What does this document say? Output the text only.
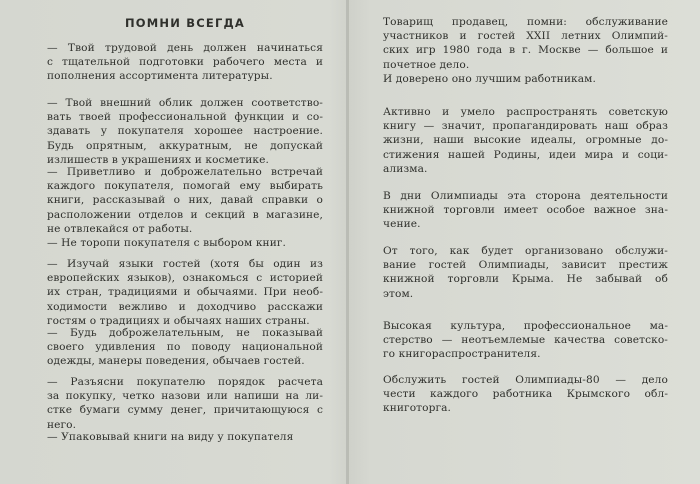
ПОМНИ ВСЕГДА
— Твой трудовой день должен начинаться
с тщательной подготовки рабочего места и
пополнения ассортимента литературы.
— Твой внешний облик должен соответство-
вать твоей профессиональной функции и со-
здавать у покупателя хорошее настроение.
Будь опрятным, аккуратным, не допускай
излишеств в украшениях и косметике.
— Приветливо и доброжелательно встречай
каждого покупателя, помогай ему выбирать
книги, рассказывай о них, давай справки о
расположении отделов и секций в магазине,
не отвлекайся от работы.
— Не торопи покупателя с выбором книг.
— Изучай языки гостей (хотя бы один из
европейских языков), ознакомься с историей
их стран, традициями и обычаями. При необ-
ходимости вежливо и доходчиво расскажи
гостям о традициях и обычаях наших страны.
— Будь доброжелательным, не показывай
своего удивления по поводу национальной
одежды, манеры поведения, обычаев гостей.
— Разъясни покупателю порядок расчета
за покупку, четко назови или напиши на ли-
стке бумаги сумму денег, причитающуюся с
него.
— Упаковывай книги на виду у покупателя
Товарищ продавец, помни: обслуживание
участников и гостей XXII летних Олимпий-
ских игр 1980 года в г. Москве — большое и
почетное дело.
И доверено оно лучшим работникам.
Активно и умело распространять советскую
книгу — значит, пропагандировать наш образ
жизни, наши высокие идеалы, огромные до-
стижения нашей Родины, идеи мира и соци-
ализма.
В дни Олимпиады эта сторона деятельности
книжной торговли имеет особое важное зна-
чение.
От того, как будет организовано обслужи-
вание гостей Олимпиады, зависит престиж
книжной торговли Крыма. Не забывай об
этом.
Высокая культура, профессиональное ма-
стерство — неотъемлемые качества советско-
го книгораспространителя.
Обслужить гостей Олимпиады-80 — дело
чести каждого работника Крымского обл-
книготорга.
